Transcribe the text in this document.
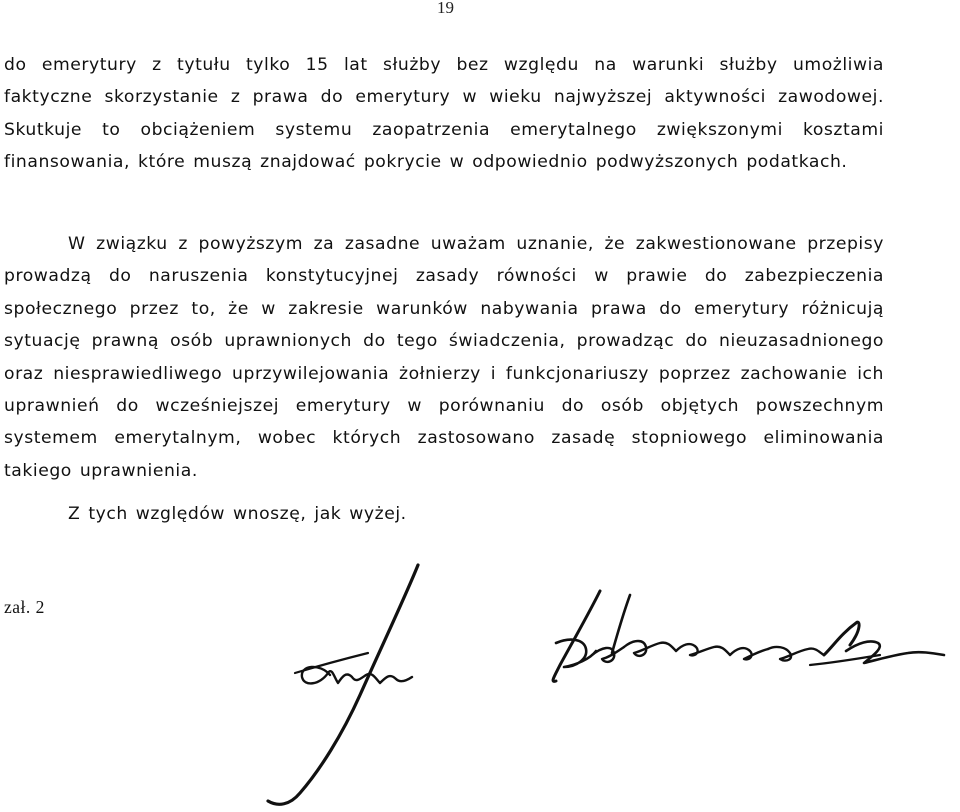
19

do emerytury z tytułu tylko 15 lat służby bez względu na warunki służby umożliwia faktyczne skorzystanie z prawa do emerytury w wieku najwyższej aktywności zawodowej. Skutkuje to obciążeniem systemu zaopatrzenia emerytalnego zwiększonymi kosztami finansowania, które muszą znajdować pokrycie w odpowiednio podwyższonych podatkach.

W związku z powyższym za zasadne uważam uznanie, że zakwestionowane przepisy prowadzą do naruszenia konstytucyjnej zasady równości w prawie do zabezpieczenia społecznego przez to, że w zakresie warunków nabywania prawa do emerytury różnicują sytuację prawną osób uprawnionych do tego świadczenia, prowadząc do nieuzasadnionego oraz niesprawiedliwego uprzywilejowania żołnierzy i funkcjonariuszy poprzez zachowanie ich uprawnień do wcześniejszej emerytury w porównaniu do osób objętych powszechnym systemem emerytalnym, wobec których zastosowano zasadę stopniowego eliminowania takiego uprawnienia.

Z tych względów wnoszę, jak wyżej.

zał. 2
